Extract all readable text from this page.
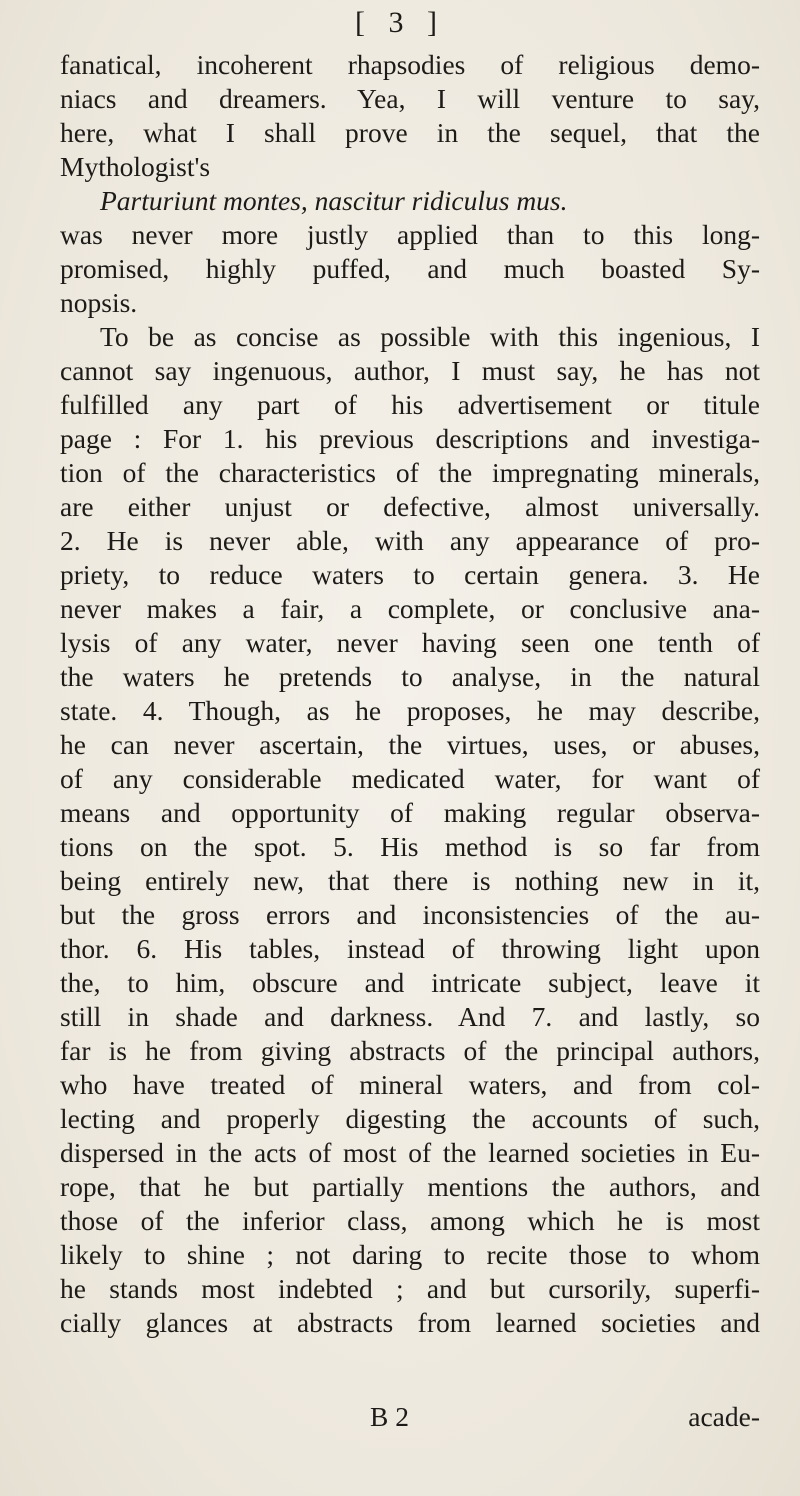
[ 3 ]
fanatical, incoherent rhapsodies of religious demo-
niacs and dreamers. Yea, I will venture to say,
here, what I shall prove in the sequel, that the
Mythologist's
Parturiunt montes, nascitur ridiculus mus.
was never more justly applied than to this long-
promised, highly puffed, and much boasted Sy-
nopsis.
To be as concise as possible with this ingenious, I
cannot say ingenuous, author, I must say, he has not
fulfilled any part of his advertisement or titule
page : For 1. his previous descriptions and investiga-
tion of the characteristics of the impregnating minerals,
are either unjust or defective, almost universally.
2. He is never able, with any appearance of pro-
priety, to reduce waters to certain genera. 3. He
never makes a fair, a complete, or conclusive ana-
lysis of any water, never having seen one tenth of
the waters he pretends to analyse, in the natural
state. 4. Though, as he proposes, he may describe,
he can never ascertain, the virtues, uses, or abuses,
of any considerable medicated water, for want of
means and opportunity of making regular observa-
tions on the spot. 5. His method is so far from
being entirely new, that there is nothing new in it,
but the gross errors and inconsistencies of the au-
thor. 6. His tables, instead of throwing light upon
the, to him, obscure and intricate subject, leave it
still in shade and darkness. And 7. and lastly, so
far is he from giving abstracts of the principal authors,
who have treated of mineral waters, and from col-
lecting and properly digesting the accounts of such,
dispersed in the acts of most of the learned societies in Eu-
rope, that he but partially mentions the authors, and
those of the inferior class, among which he is most
likely to shine ; not daring to recite those to whom
he stands most indebted ; and but cursorily, superfi-
cially glances at abstracts from learned societies and
B 2	acade-
